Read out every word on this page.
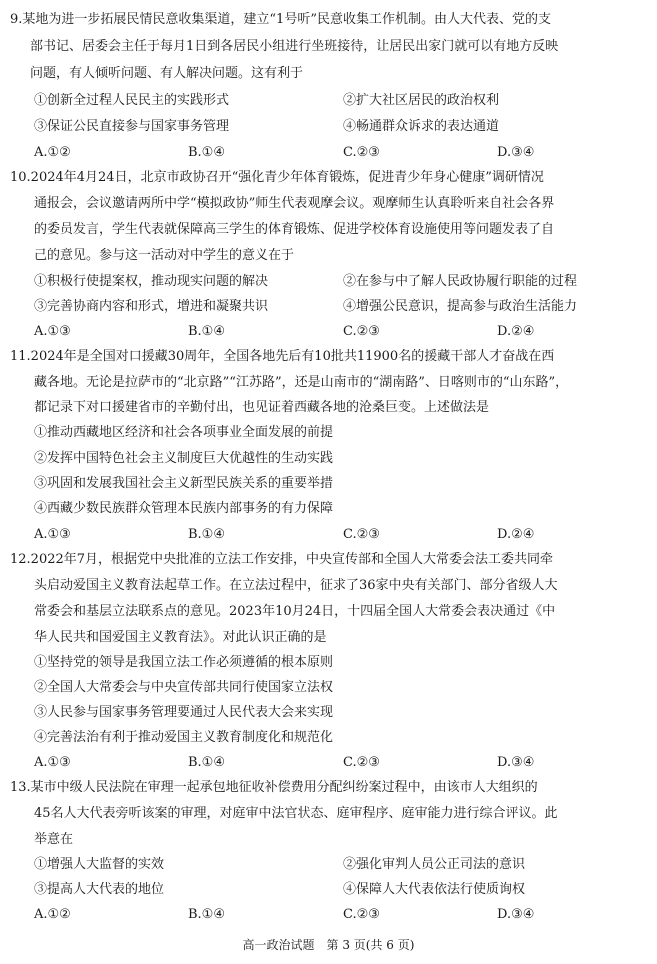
9.某地为进一步拓展民情民意收集渠道，建立“1号听”民意收集工作机制。由人大代表、党的支
部书记、居委会主任于每月1日到各居民小组进行坐班接待，让居民出家门就可以有地方反映
问题，有人倾听问题、有人解决问题。这有利于
①创新全过程人民民主的实践形式	②扩大社区居民的政治权利
③保证公民直接参与国家事务管理	④畅通群众诉求的表达通道
A.①②	B.①④	C.②③	D.③④
10.2024年4月24日，北京市政协召开“强化青少年体育锻炼，促进青少年身心健康”调研情况
通报会，会议邀请两所中学“模拟政协”师生代表观摩会议。观摩师生认真聆听来自社会各界
的委员发言，学生代表就保障高三学生的体育锻炼、促进学校体育设施使用等问题发表了自
己的意见。参与这一活动对中学生的意义在于
①积极行使提案权，推动现实问题的解决	②在参与中了解人民政协履行职能的过程
③完善协商内容和形式，增进和凝聚共识	④增强公民意识，提高参与政治生活能力
A.①③	B.①④	C.②③	D.②④
11.2024年是全国对口援藏30周年，全国各地先后有10批共11900名的援藏干部人才奋战在西
藏各地。无论是拉萨市的“北京路”“江苏路”，还是山南市的“湖南路”、日喀则市的“山东路”，
都记录下对口援建省市的辛勤付出，也见证着西藏各地的沧桑巨变。上述做法是
①推动西藏地区经济和社会各项事业全面发展的前提
②发挥中国特色社会主义制度巨大优越性的生动实践
③巩固和发展我国社会主义新型民族关系的重要举措
④西藏少数民族群众管理本民族内部事务的有力保障
A.①③	B.①④	C.②③	D.②④
12.2022年7月，根据党中央批准的立法工作安排，中央宣传部和全国人大常委会法工委共同牵
头启动爱国主义教育法起草工作。在立法过程中，征求了36家中央有关部门、部分省级人大
常委会和基层立法联系点的意见。2023年10月24日，十四届全国人大常委会表决通过《中
华人民共和国爱国主义教育法》。对此认识正确的是
①坚持党的领导是我国立法工作必须遵循的根本原则
②全国人大常委会与中央宣传部共同行使国家立法权
③人民参与国家事务管理要通过人民代表大会来实现
④完善法治有利于推动爱国主义教育制度化和规范化
A.①③	B.①④	C.②③	D.③④
13.某市中级人民法院在审理一起承包地征收补偿费用分配纠纷案过程中，由该市人大组织的
45名人大代表旁听该案的审理，对庭审中法官状态、庭审程序、庭审能力进行综合评议。此
举意在
①增强人大监督的实效	②强化审判人员公正司法的意识
③提高人大代表的地位	④保障人大代表依法行使质询权
A.①②	B.①④	C.②③	D.③④
高一政治试题　第 3 页(共 6 页)
